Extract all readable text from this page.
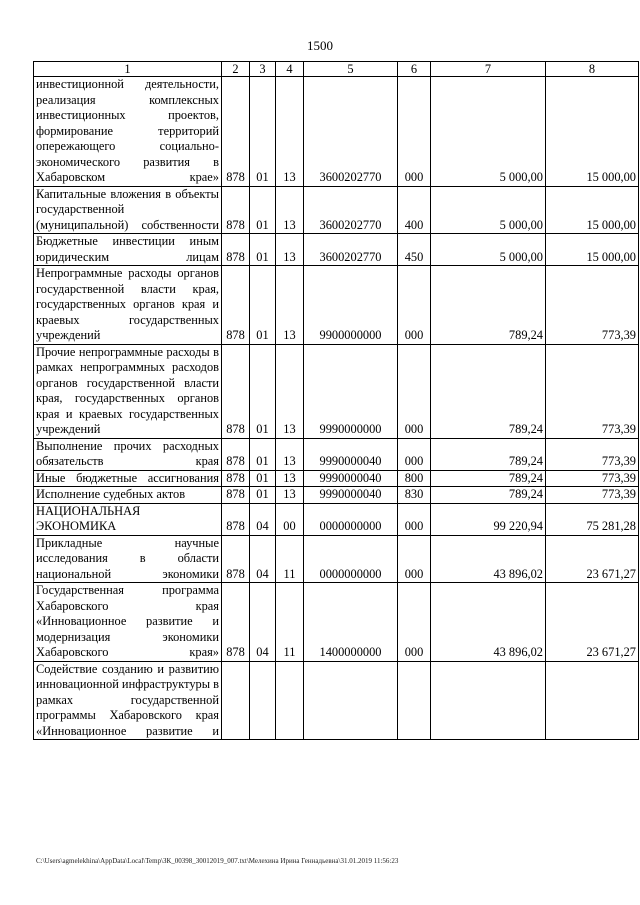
1500
1	2	3	4	5	6	7	8
инвестиционной деятельности, реализация комплексных инвестиционных проектов, формирование территорий опережающего социально-экономического развития в Хабаровском крае»	878	01	13	3600202770	000	5 000,00	15 000,00
Капитальные вложения в объекты государственной (муниципальной) собственности	878	01	13	3600202770	400	5 000,00	15 000,00
Бюджетные инвестиции иным юридическим лицам	878	01	13	3600202770	450	5 000,00	15 000,00
Непрограммные расходы органов государственной власти края, государственных органов края и краевых государственных учреждений	878	01	13	9900000000	000	789,24	773,39
Прочие непрограммные расходы в рамках непрограммных расходов органов государственной власти края, государственных органов края и краевых государственных учреждений	878	01	13	9990000000	000	789,24	773,39
Выполнение прочих расходных обязательств края	878	01	13	9990000040	000	789,24	773,39
Иные бюджетные ассигнования	878	01	13	9990000040	800	789,24	773,39
Исполнение судебных актов	878	01	13	9990000040	830	789,24	773,39
НАЦИОНАЛЬНАЯ ЭКОНОМИКА	878	04	00	0000000000	000	99 220,94	75 281,28
Прикладные научные исследования в области национальной экономики	878	04	11	0000000000	000	43 896,02	23 671,27
Государственная программа Хабаровского края «Инновационное развитие и модернизация экономики Хабаровского края»	878	04	11	1400000000	000	43 896,02	23 671,27
Содействие созданию и развитию инновационной инфраструктуры в рамках государственной программы Хабаровского края «Инновационное развитие и							
C:\Users\agmelekhina\AppData\Local\Temp\ЗК_00398_30012019_007.txt\Мелехина Ирина Геннадьевна\31.01.2019 11:56:23
